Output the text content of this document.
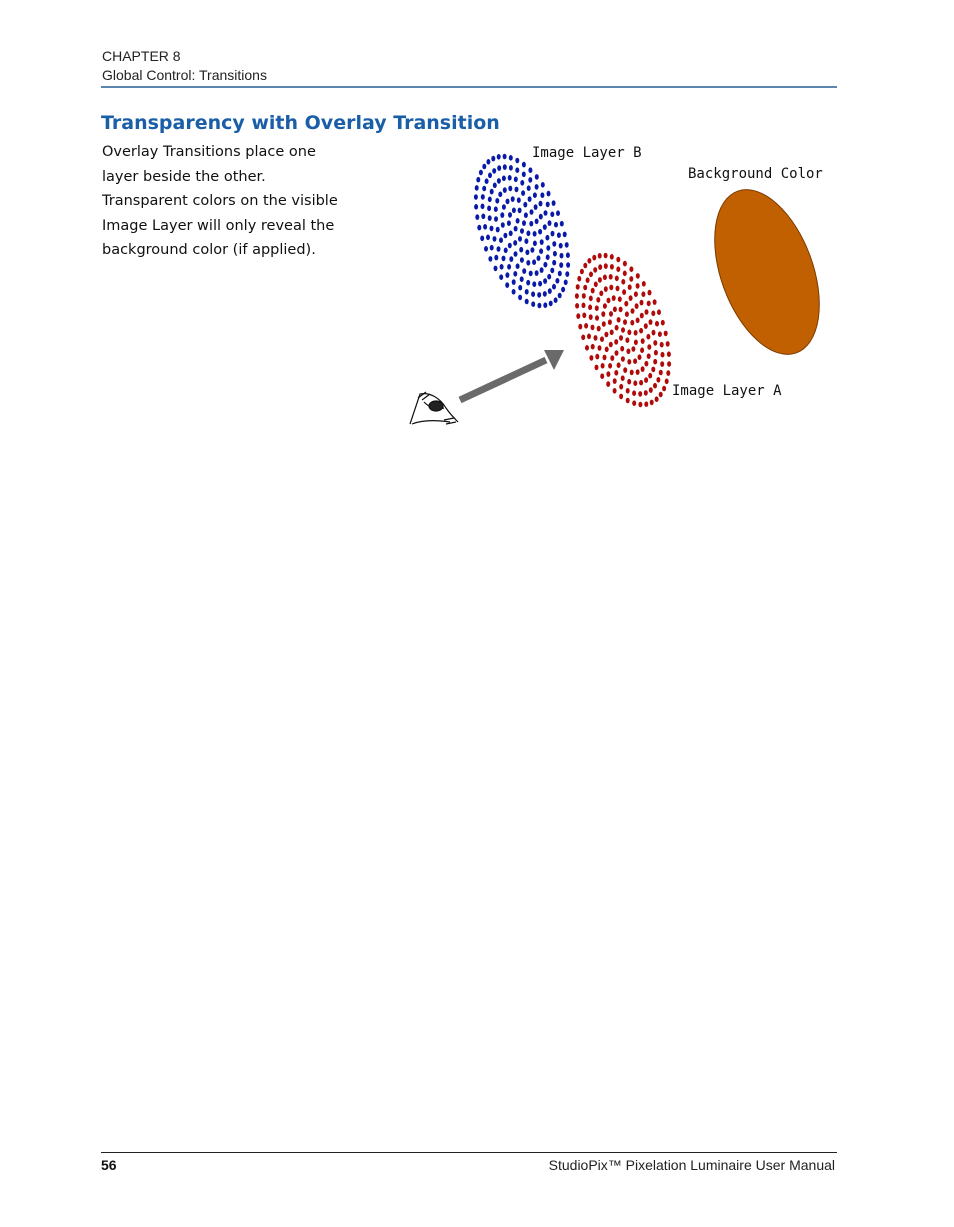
CHAPTER 8
Global Control: Transitions
Transparency with Overlay Transition

Overlay Transitions place one
layer beside the other.
Transparent colors on the visible
Image Layer will only reveal the
background color (if applied).

Image Layer B
Background Color
Image Layer A
56	StudioPix™ Pixelation Luminaire User Manual
